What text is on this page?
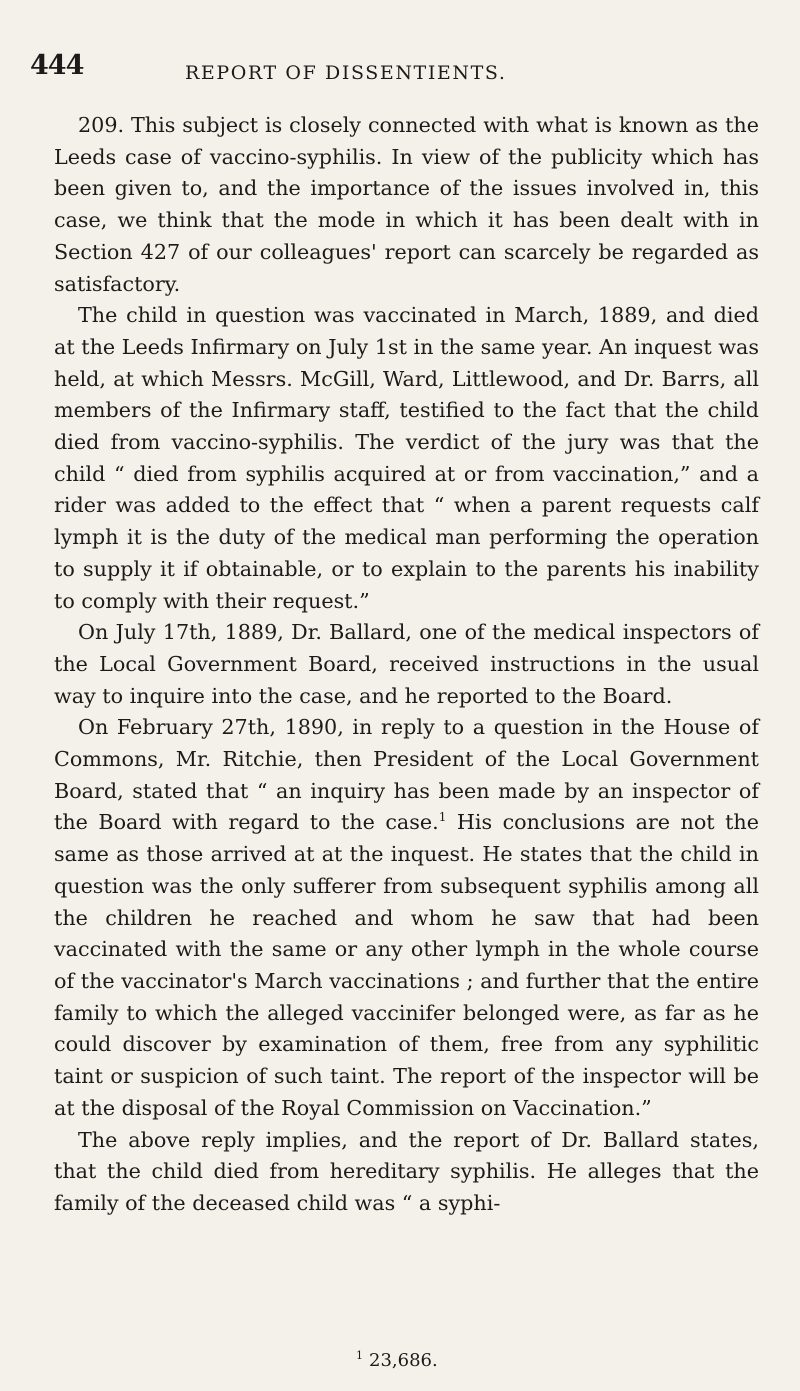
444	REPORT OF DISSENTIENTS.

209. This subject is closely connected with what is known as the Leeds case of vaccino-syphilis. In view of the publicity which has been given to, and the importance of the issues involved in, this case, we think that the mode in which it has been dealt with in Section 427 of our colleagues' report can scarcely be regarded as satisfactory.

The child in question was vaccinated in March, 1889, and died at the Leeds Infirmary on July 1st in the same year. An inquest was held, at which Messrs. McGill, Ward, Littlewood, and Dr. Barrs, all members of the Infirmary staff, testified to the fact that the child died from vaccino-syphilis. The verdict of the jury was that the child “ died from syphilis acquired at or from vaccination,” and a rider was added to the effect that “ when a parent requests calf lymph it is the duty of the medical man performing the operation to supply it if obtainable, or to explain to the parents his inability to comply with their request.”

On July 17th, 1889, Dr. Ballard, one of the medical inspectors of the Local Government Board, received instructions in the usual way to inquire into the case, and he reported to the Board.

On February 27th, 1890, in reply to a question in the House of Commons, Mr. Ritchie, then President of the Local Government Board, stated that “ an inquiry has been made by an inspector of the Board with regard to the case.$^1$ His conclusions are not the same as those arrived at at the inquest. He states that the child in question was the only sufferer from subsequent syphilis among all the children he reached and whom he saw that had been vaccinated with the same or any other lymph in the whole course of the vaccinator's March vaccinations ; and further that the entire family to which the alleged vaccinifer belonged were, as far as he could discover by examination of them, free from any syphilitic taint or suspicion of such taint. The report of the inspector will be at the disposal of the Royal Commission on Vaccination.”

The above reply implies, and the report of Dr. Ballard states, that the child died from hereditary syphilis. He alleges that the family of the deceased child was “ a syphi-

$^1$ 23,686.
